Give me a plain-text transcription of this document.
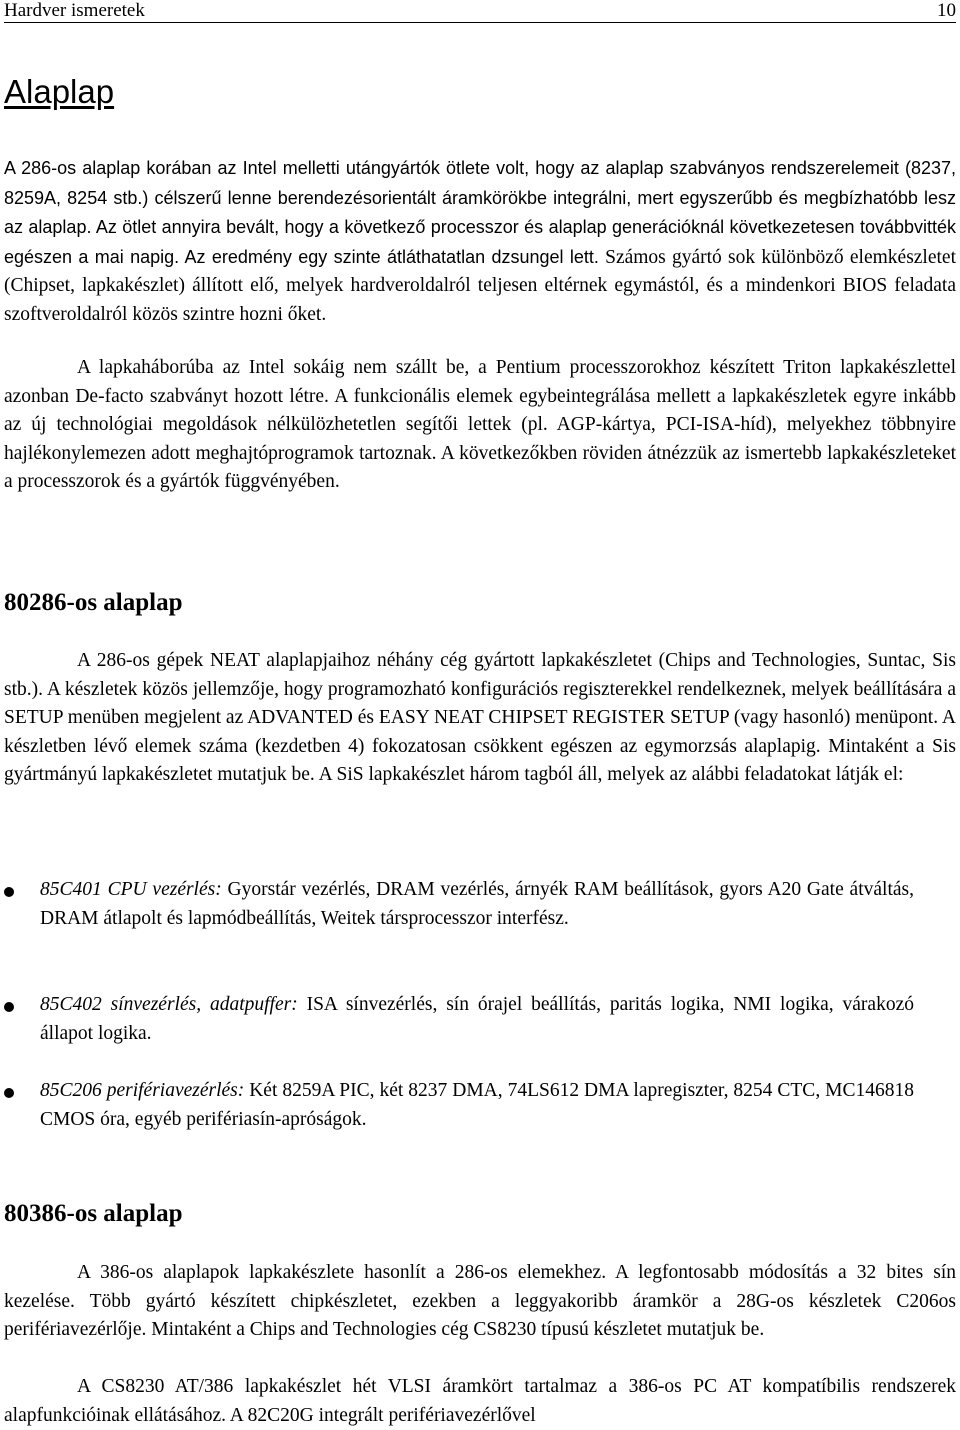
Hardver ismeretek	10
Alaplap

A 286-os alaplap korában az Intel melletti utángyártók ötlete volt, hogy az alaplap szabványos rendszerelemeit (8237, 8259A, 8254 stb.) célszerű lenne berendezésorientált áramkörökbe integrálni, mert egyszerűbb és megbízhatóbb lesz az alaplap. Az ötlet annyira bevált, hogy a következő processzor és alaplap generációknál következetesen továbbvitték egészen a mai napig. Az eredmény egy szinte átláthatatlan dzsungel lett. Számos gyártó sok különböző elemkészletet (Chipset, lapkakészlet) állított elő, melyek hardveroldalról teljesen eltérnek egymástól, és a mindenkori BIOS feladata szoftveroldalról közös szintre hozni őket.

A lapkaháborúba az Intel sokáig nem szállt be, a Pentium processzorokhoz készített Triton lapkakészlettel azonban De-facto szabványt hozott létre. A funkcionális elemek egybeintegrálása mellett a lapkakészletek egyre inkább az új technológiai megoldások nélkülözhetetlen segítői lettek (pl. AGP-kártya, PCI-ISA-híd), melyekhez többnyire hajlékonylemezen adott meghajtóprogramok tartoznak. A következőkben röviden átnézzük az ismertebb lapkakészleteket a processzorok és a gyártók függvényében.

80286-os alaplap

A 286-os gépek NEAT alaplapjaihoz néhány cég gyártott lapkakészletet (Chips and Technologies, Suntac, Sis stb.). A készletek közös jellemzője, hogy programozható konfigurációs regiszterekkel rendelkeznek, melyek beállítására a SETUP menüben megjelent az ADVANTED és EASY NEAT CHIPSET REGISTER SETUP (vagy hasonló) menüpont. A készletben lévő elemek száma (kezdetben 4) fokozatosan csökkent egészen az egymorzsás alaplapig. Mintaként a Sis gyártmányú lapkakészletet mutatjuk be. A SiS lapkakészlet három tagból áll, melyek az alábbi feladatokat látják el:

85C401 CPU vezérlés: Gyorstár vezérlés, DRAM vezérlés, árnyék RAM beállítások, gyors A20 Gate átváltás, DRAM átlapolt és lapmódbeállítás, Weitek társprocesszor interfész.

85C402 sínvezérlés, adatpuffer: ISA sínvezérlés, sín órajel beállítás, paritás logika, NMI logika, várakozó állapot logika.

85C206 perifériavezérlés: Két 8259A PIC, két 8237 DMA, 74LS612 DMA lapregiszter, 8254 CTC, MC146818 CMOS óra, egyéb perifériasín-apróságok.

80386-os alaplap

A 386-os alaplapok lapkakészlete hasonlít a 286-os elemekhez. A legfontosabb módosítás a 32 bites sín kezelése. Több gyártó készített chipkészletet, ezekben a leggyakoribb áramkör a 28G-os készletek C206os perifériavezérlője. Mintaként a Chips and Technologies cég CS8230 típusú készletet mutatjuk be.

A CS8230 AT/386 lapkakészlet hét VLSI áramkört tartalmaz a 386-os PC AT kompatíbilis rendszerek alapfunkcióinak ellátásához. A 82C20G integrált perifériavezérlővel
